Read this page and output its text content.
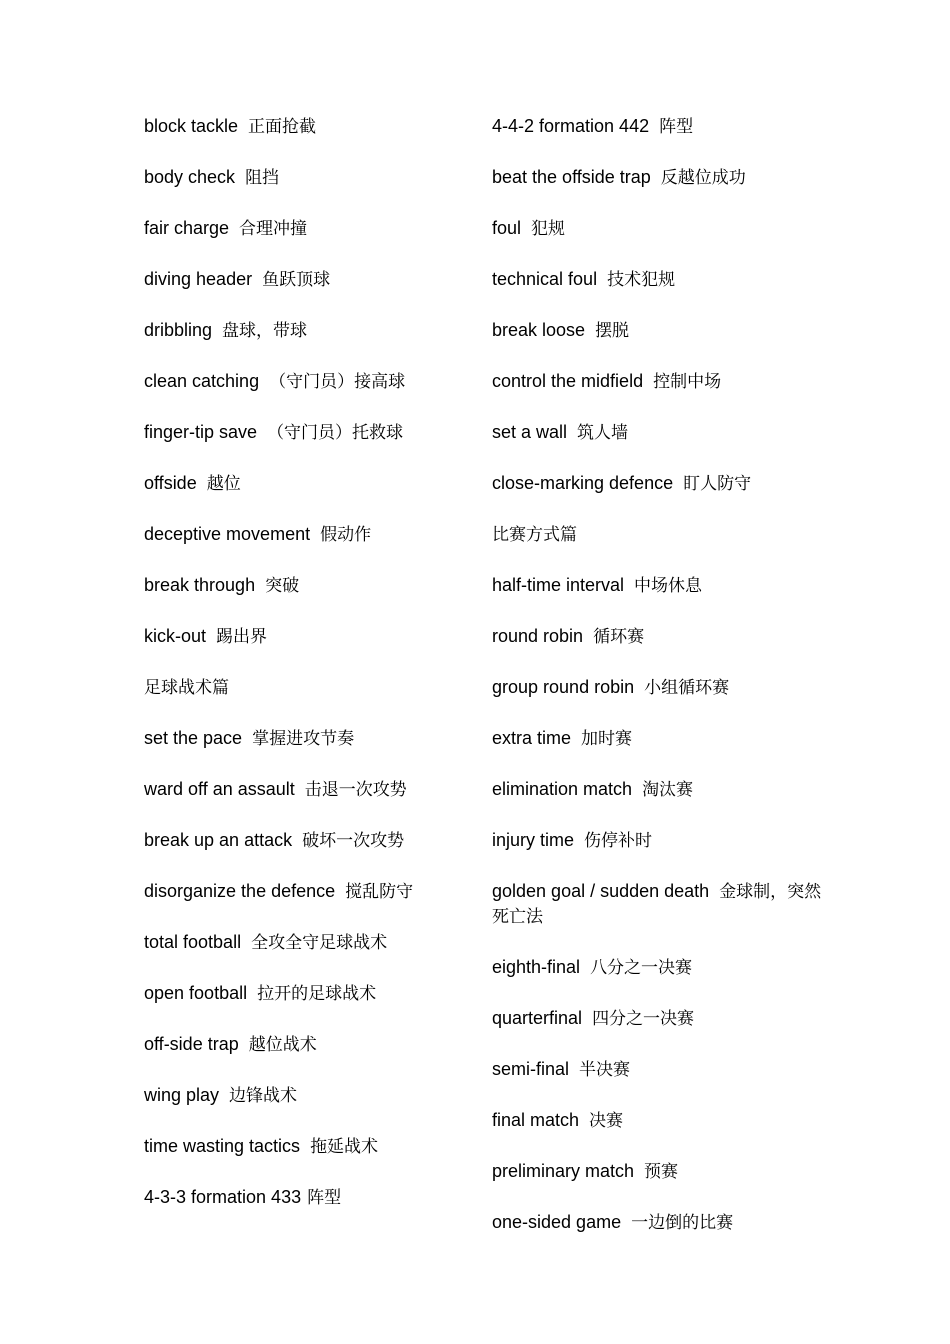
block tackle 正面抢截
body check 阻挡
fair charge 合理冲撞
diving header 鱼跃顶球
dribbling 盘球，带球
clean catching （守门员）接高球
finger-tip save （守门员）托救球
offside 越位
deceptive movement 假动作
break through 突破
kick-out 踢出界
足球战术篇
set the pace 掌握进攻节奏
ward off an assault 击退一次攻势
break up an attack 破坏一次攻势
disorganize the defence 搅乱防守
total football 全攻全守足球战术
open football 拉开的足球战术
off-side trap 越位战术
wing play 边锋战术
time wasting tactics 拖延战术
4-3-3 formation 433 阵型
4-4-2 formation 442 阵型
beat the offside trap 反越位成功
foul 犯规
technical foul 技术犯规
break loose 摆脱
control the midfield 控制中场
set a wall 筑人墙
close-marking defence 盯人防守
比赛方式篇
half-time interval 中场休息
round robin 循环赛
group round robin 小组循环赛
extra time 加时赛
elimination match 淘汰赛
injury time 伤停补时
golden goal / sudden death 金球制，突然死亡法
eighth-final 八分之一决赛
quarterfinal 四分之一决赛
semi-final 半决赛
final match 决赛
preliminary match 预赛
one-sided game 一边倒的比赛
